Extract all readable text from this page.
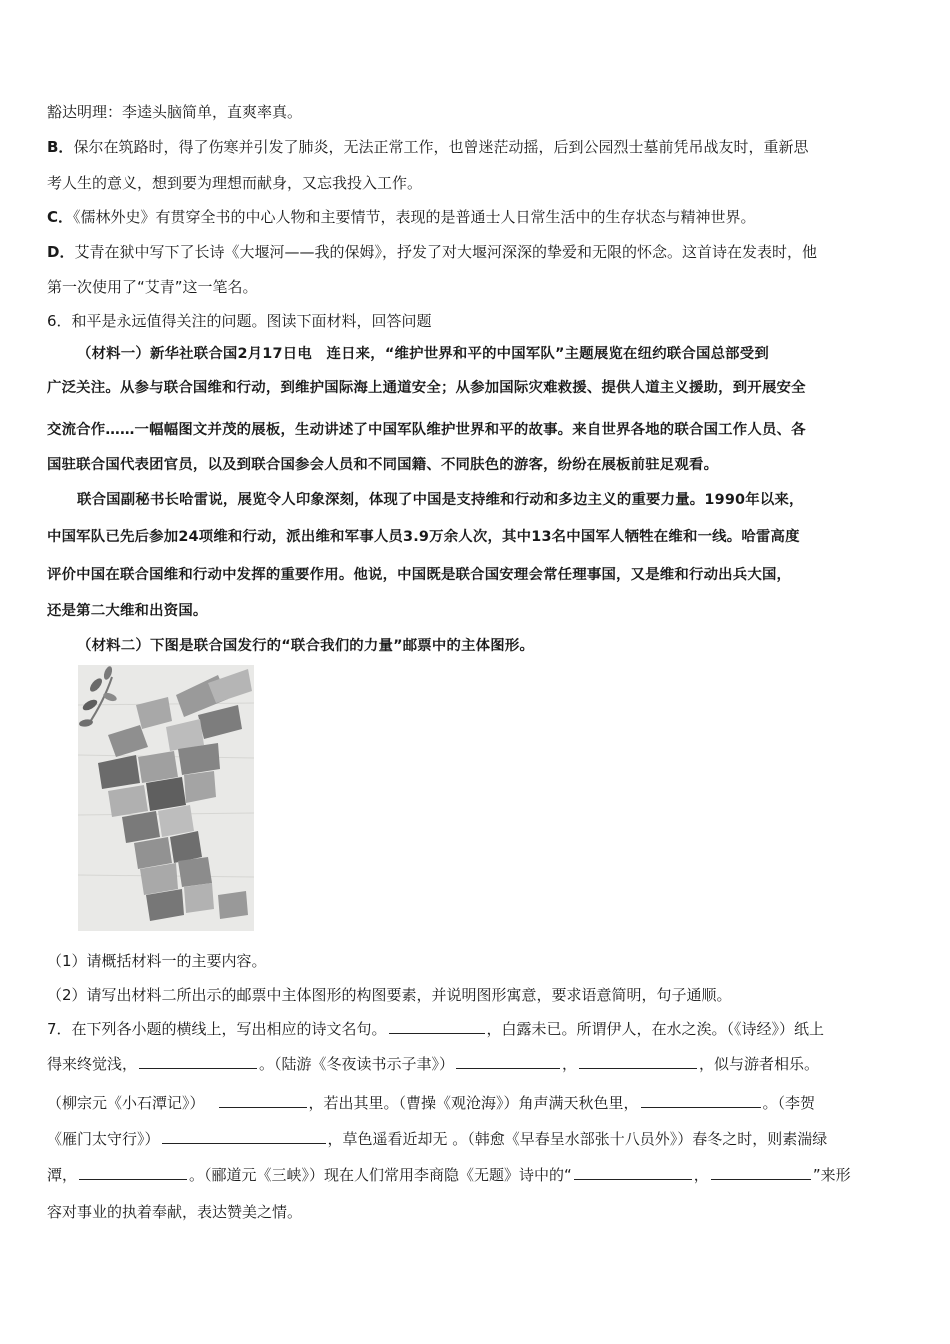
豁达明理：李逵头脑简单，直爽率真。
B．保尔在筑路时，得了伤寒并引发了肺炎，无法正常工作，也曾迷茫动摇，后到公园烈士墓前凭吊战友时，重新思
考人生的意义，想到要为理想而献身，又忘我投入工作。
C．《儒林外史》有贯穿全书的中心人物和主要情节，表现的是普通士人日常生活中的生存状态与精神世界。
D．艾青在狱中写下了长诗《大堰河——我的保姆》，抒发了对大堰河深深的挚爱和无限的怀念。这首诗在发表时，他
第一次使用了“艾青”这一笔名。
6．和平是永远值得关注的问题。图读下面材料，回答问题
（材料一）新华社联合国2月17日电　连日来，“维护世界和平的中国军队”主题展览在纽约联合国总部受到
广泛关注。从参与联合国维和行动，到维护国际海上通道安全；从参加国际灾难救援、提供人道主义援助，到开展安全
交流合作……一幅幅图文并茂的展板，生动讲述了中国军队维护世界和平的故事。来自世界各地的联合国工作人员、各
国驻联合国代表团官员，以及到联合国参会人员和不同国籍、不同肤色的游客，纷纷在展板前驻足观看。
联合国副秘书长哈雷说，展览令人印象深刻，体现了中国是支持维和行动和多边主义的重要力量。1990年以来，
中国军队已先后参加24项维和行动，派出维和军事人员3.9万余人次，其中13名中国军人牺牲在维和一线。哈雷高度
评价中国在联合国维和行动中发挥的重要作用。他说，中国既是联合国安理会常任理事国，又是维和行动出兵大国，
还是第二大维和出资国。
（材料二）下图是联合国发行的“联合我们的力量”邮票中的主体图形。
（1）请概括材料一的主要内容。
（2）请写出材料二所出示的邮票中主体图形的构图要素，并说明图形寓意，要求语意简明，句子通顺。
7．在下列各小题的横线上，写出相应的诗文名句。	，白露未已。所谓伊人，在水之涘。（《诗经》）纸上
得来终觉浅，	。（陆游《冬夜读书示子聿》）	，	，似与游者相乐。
（柳宗元《小石潭记》）	，若出其里。（曹操《观沧海》）角声满天秋色里，	。（李贺
《雁门太守行》）	，草色遥看近却无 。（韩愈《早春呈水部张十八员外》）春冬之时，则素湍绿
潭，	。（郦道元《三峡》）现在人们常用李商隐《无题》诗中的“	，	”来形
容对事业的执着奉献，表达赞美之情。
